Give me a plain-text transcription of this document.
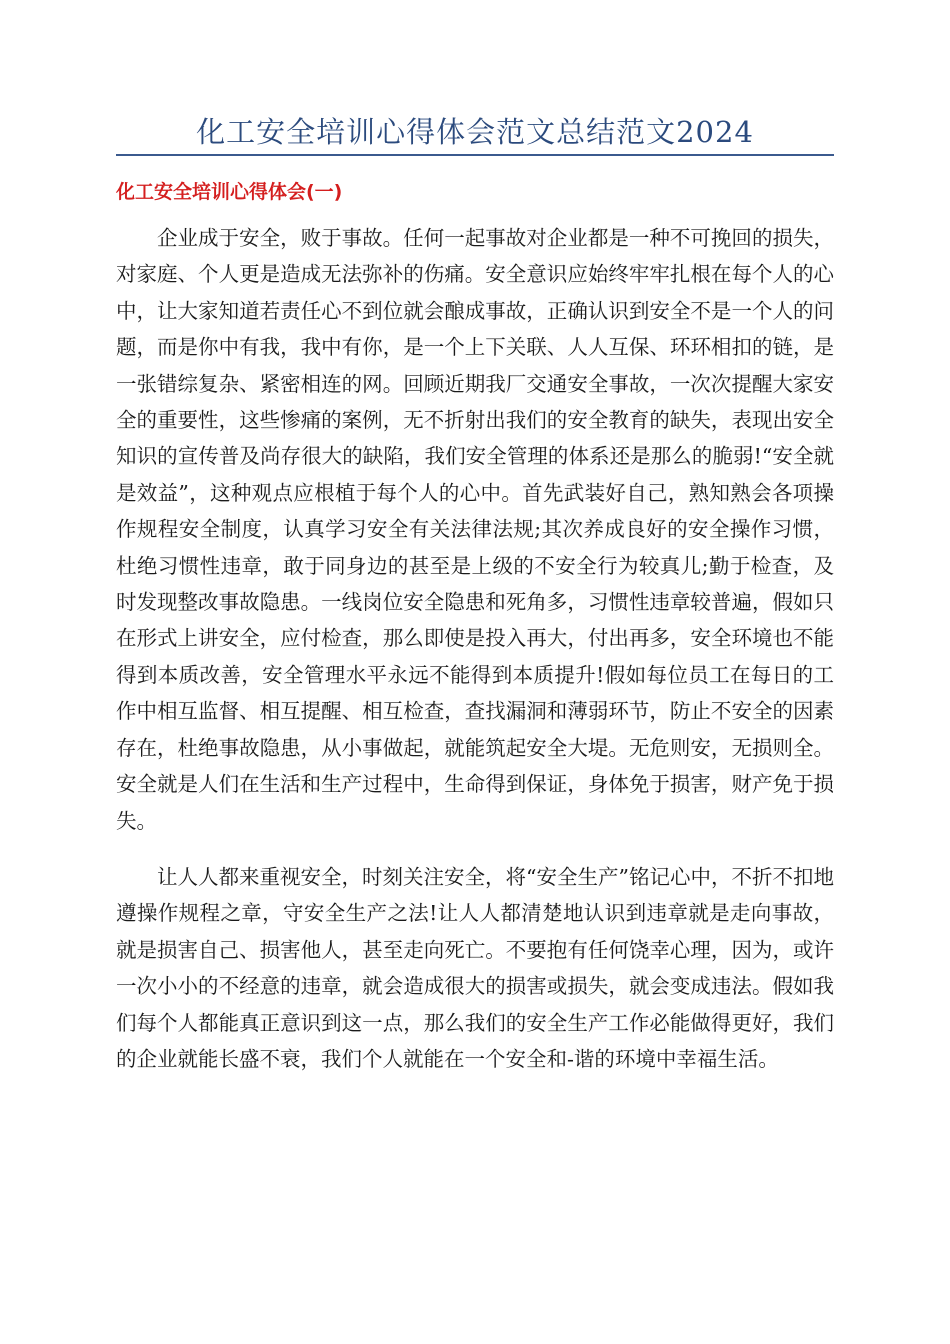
化工安全培训心得体会范文总结范文2024
化工安全培训心得体会(一)

企业成于安全，败于事故。任何一起事故对企业都是一种不可挽回的损失，对家庭、个人更是造成无法弥补的伤痛。安全意识应始终牢牢扎根在每个人的心中，让大家知道若责任心不到位就会酿成事故，正确认识到安全不是一个人的问题，而是你中有我，我中有你，是一个上下关联、人人互保、环环相扣的链，是一张错综复杂、紧密相连的网。回顾近期我厂交通安全事故，一次次提醒大家安全的重要性，这些惨痛的案例，无不折射出我们的安全教育的缺失，表现出安全知识的宣传普及尚存很大的缺陷，我们安全管理的体系还是那么的脆弱!“安全就是效益”，这种观点应根植于每个人的心中。首先武装好自己，熟知熟会各项操作规程安全制度，认真学习安全有关法律法规;其次养成良好的安全操作习惯，杜绝习惯性违章，敢于同身边的甚至是上级的不安全行为较真儿;勤于检查，及时发现整改事故隐患。一线岗位安全隐患和死角多，习惯性违章较普遍，假如只在形式上讲安全，应付检查，那么即使是投入再大，付出再多，安全环境也不能得到本质改善，安全管理水平永远不能得到本质提升!假如每位员工在每日的工作中相互监督、相互提醒、相互检查，查找漏洞和薄弱环节，防止不安全的因素存在，杜绝事故隐患，从小事做起，就能筑起安全大堤。无危则安，无损则全。安全就是人们在生活和生产过程中，生命得到保证，身体免于损害，财产免于损失。

让人人都来重视安全，时刻关注安全，将“安全生产”铭记心中，不折不扣地遵操作规程之章，守安全生产之法!让人人都清楚地认识到违章就是走向事故，就是损害自己、损害他人，甚至走向死亡。不要抱有任何饶幸心理，因为，或许一次小小的不经意的违章，就会造成很大的损害或损失，就会变成违法。假如我们每个人都能真正意识到这一点，那么我们的安全生产工作必能做得更好，我们的企业就能长盛不衰，我们个人就能在一个安全和-谐的环境中幸福生活。
